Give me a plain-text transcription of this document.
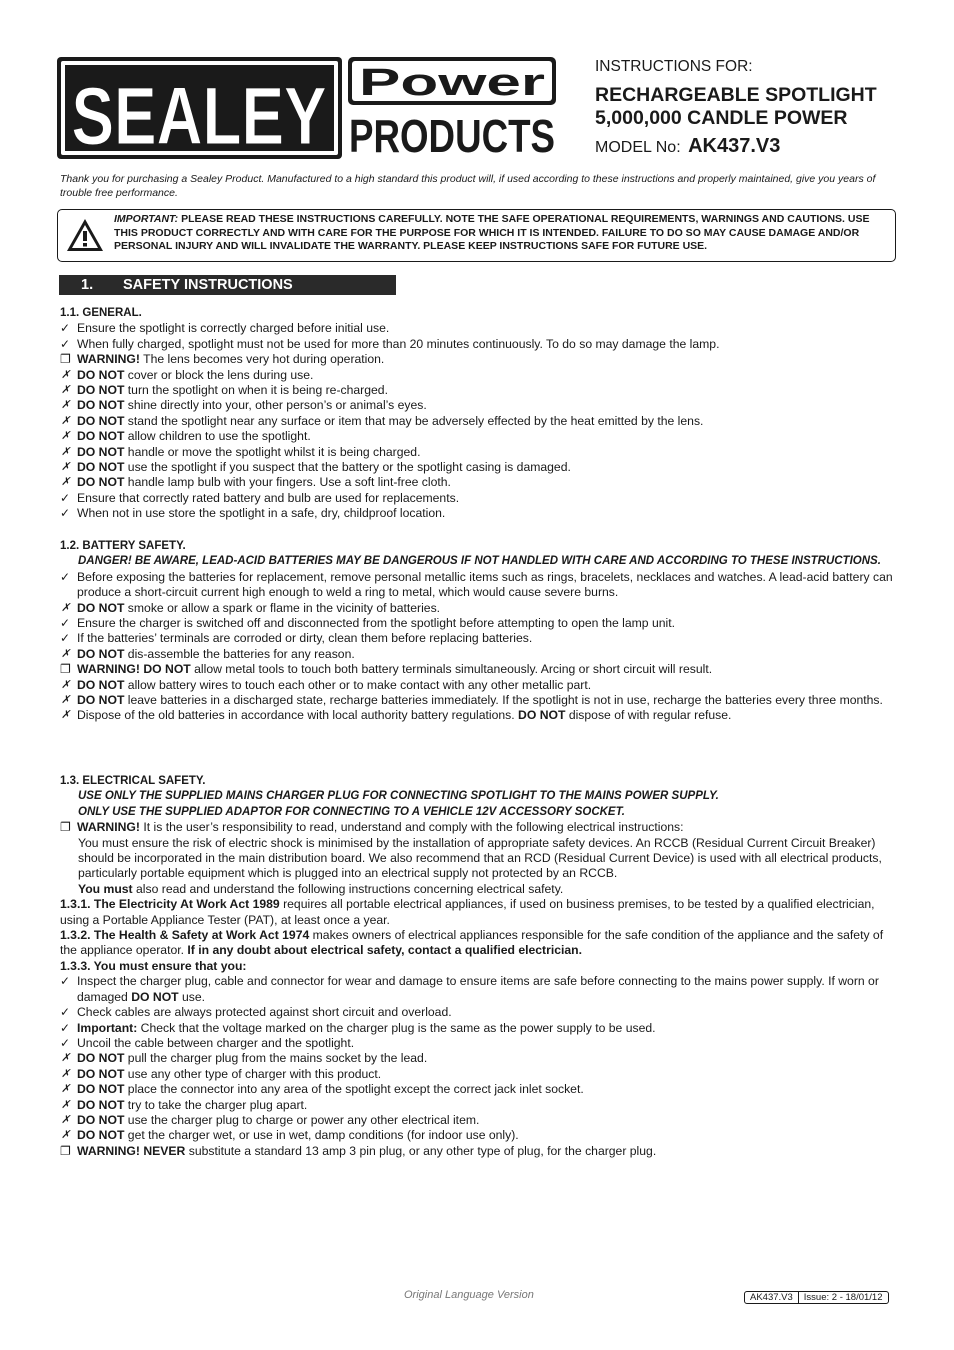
SEALEY Power
PRODUCTS
INSTRUCTIONS FOR:
RECHARGEABLE SPOTLIGHT
5,000,000 CANDLE POWER
MODEL No: AK437.V3
Thank you for purchasing a Sealey Product. Manufactured to a high standard this product will, if used according to these instructions and properly maintained, give you years of trouble free performance.
IMPORTANT: PLEASE READ THESE INSTRUCTIONS CAREFULLY. NOTE THE SAFE OPERATIONAL REQUIREMENTS, WARNINGS AND CAUTIONS. USE THIS PRODUCT CORRECTLY AND WITH CARE FOR THE PURPOSE FOR WHICH IT IS INTENDED. FAILURE TO DO SO MAY CAUSE DAMAGE AND/OR PERSONAL INJURY AND WILL INVALIDATE THE WARRANTY. PLEASE KEEP INSTRUCTIONS SAFE FOR FUTURE USE.
1. SAFETY INSTRUCTIONS
1.1. GENERAL.
✓ Ensure the spotlight is correctly charged before initial use.
✓ When fully charged, spotlight must not be used for more than 20 minutes continuously. To do so may damage the lamp.
❐ WARNING! The lens becomes very hot during operation.
✗ DO NOT cover or block the lens during use.
✗ DO NOT turn the spotlight on when it is being re-charged.
✗ DO NOT shine directly into your, other person’s or animal’s eyes.
✗ DO NOT stand the spotlight near any surface or item that may be adversely effected by the heat emitted by the lens.
✗ DO NOT allow children to use the spotlight.
✗ DO NOT handle or move the spotlight whilst it is being charged.
✗ DO NOT use the spotlight if you suspect that the battery or the spotlight casing is damaged.
✗ DO NOT handle lamp bulb with your fingers. Use a soft lint-free cloth.
✓ Ensure that correctly rated battery and bulb are used for replacements.
✓ When not in use store the spotlight in a safe, dry, childproof location.
1.2. BATTERY SAFETY.
DANGER! BE AWARE, LEAD-ACID BATTERIES MAY BE DANGEROUS IF NOT HANDLED WITH CARE AND ACCORDING TO THESE INSTRUCTIONS.
✓ Before exposing the batteries for replacement, remove personal metallic items such as rings, bracelets, necklaces and watches. A lead-acid battery can produce a short-circuit current high enough to weld a ring to metal, which would cause severe burns.
✗ DO NOT smoke or allow a spark or flame in the vicinity of batteries.
✓ Ensure the charger is switched off and disconnected from the spotlight before attempting to open the lamp unit.
✓ If the batteries’ terminals are corroded or dirty, clean them before replacing batteries.
✗ DO NOT dis-assemble the batteries for any reason.
❐ WARNING! DO NOT allow metal tools to touch both battery terminals simultaneously. Arcing or short circuit will result.
✗ DO NOT allow battery wires to touch each other or to make contact with any other metallic part.
✗ DO NOT leave batteries in a discharged state, recharge batteries immediately. If the spotlight is not in use, recharge the batteries every three months.
✗ Dispose of the old batteries in accordance with local authority battery regulations. DO NOT dispose of with regular refuse.
1.3. ELECTRICAL SAFETY.
USE ONLY THE SUPPLIED MAINS CHARGER PLUG FOR CONNECTING SPOTLIGHT TO THE MAINS POWER SUPPLY.
ONLY USE THE SUPPLIED ADAPTOR FOR CONNECTING TO A VEHICLE 12V ACCESSORY SOCKET.
❐ WARNING! It is the user’s responsibility to read, understand and comply with the following electrical instructions:
You must ensure the risk of electric shock is minimised by the installation of appropriate safety devices. An RCCB (Residual Current Circuit Breaker) should be incorporated in the main distribution board. We also recommend that an RCD (Residual Current Device) is used with all electrical products, particularly portable equipment which is plugged into an electrical supply not protected by an RCCB.
You must also read and understand the following instructions concerning electrical safety.
1.3.1. The Electricity At Work Act 1989 requires all portable electrical appliances, if used on business premises, to be tested by a qualified electrician, using a Portable Appliance Tester (PAT), at least once a year.
1.3.2. The Health & Safety at Work Act 1974 makes owners of electrical appliances responsible for the safe condition of the appliance and the safety of the appliance operator. If in any doubt about electrical safety, contact a qualified electrician.
1.3.3. You must ensure that you:
✓ Inspect the charger plug, cable and connector for wear and damage to ensure items are safe before connecting to the mains power supply. If worn or damaged DO NOT use.
✓ Check cables are always protected against short circuit and overload.
✓ Important: Check that the voltage marked on the charger plug is the same as the power supply to be used.
✓ Uncoil the cable between charger and the spotlight.
✗ DO NOT pull the charger plug from the mains socket by the lead.
✗ DO NOT use any other type of charger with this product.
✗ DO NOT place the connector into any area of the spotlight except the correct jack inlet socket.
✗ DO NOT try to take the charger plug apart.
✗ DO NOT use the charger plug to charge or power any other electrical item.
✗ DO NOT get the charger wet, or use in wet, damp conditions (for indoor use only).
❐ WARNING! NEVER substitute a standard 13 amp 3 pin plug, or any other type of plug, for the charger plug.
Original Language Version	AK437.V3	Issue: 2 - 18/01/12
